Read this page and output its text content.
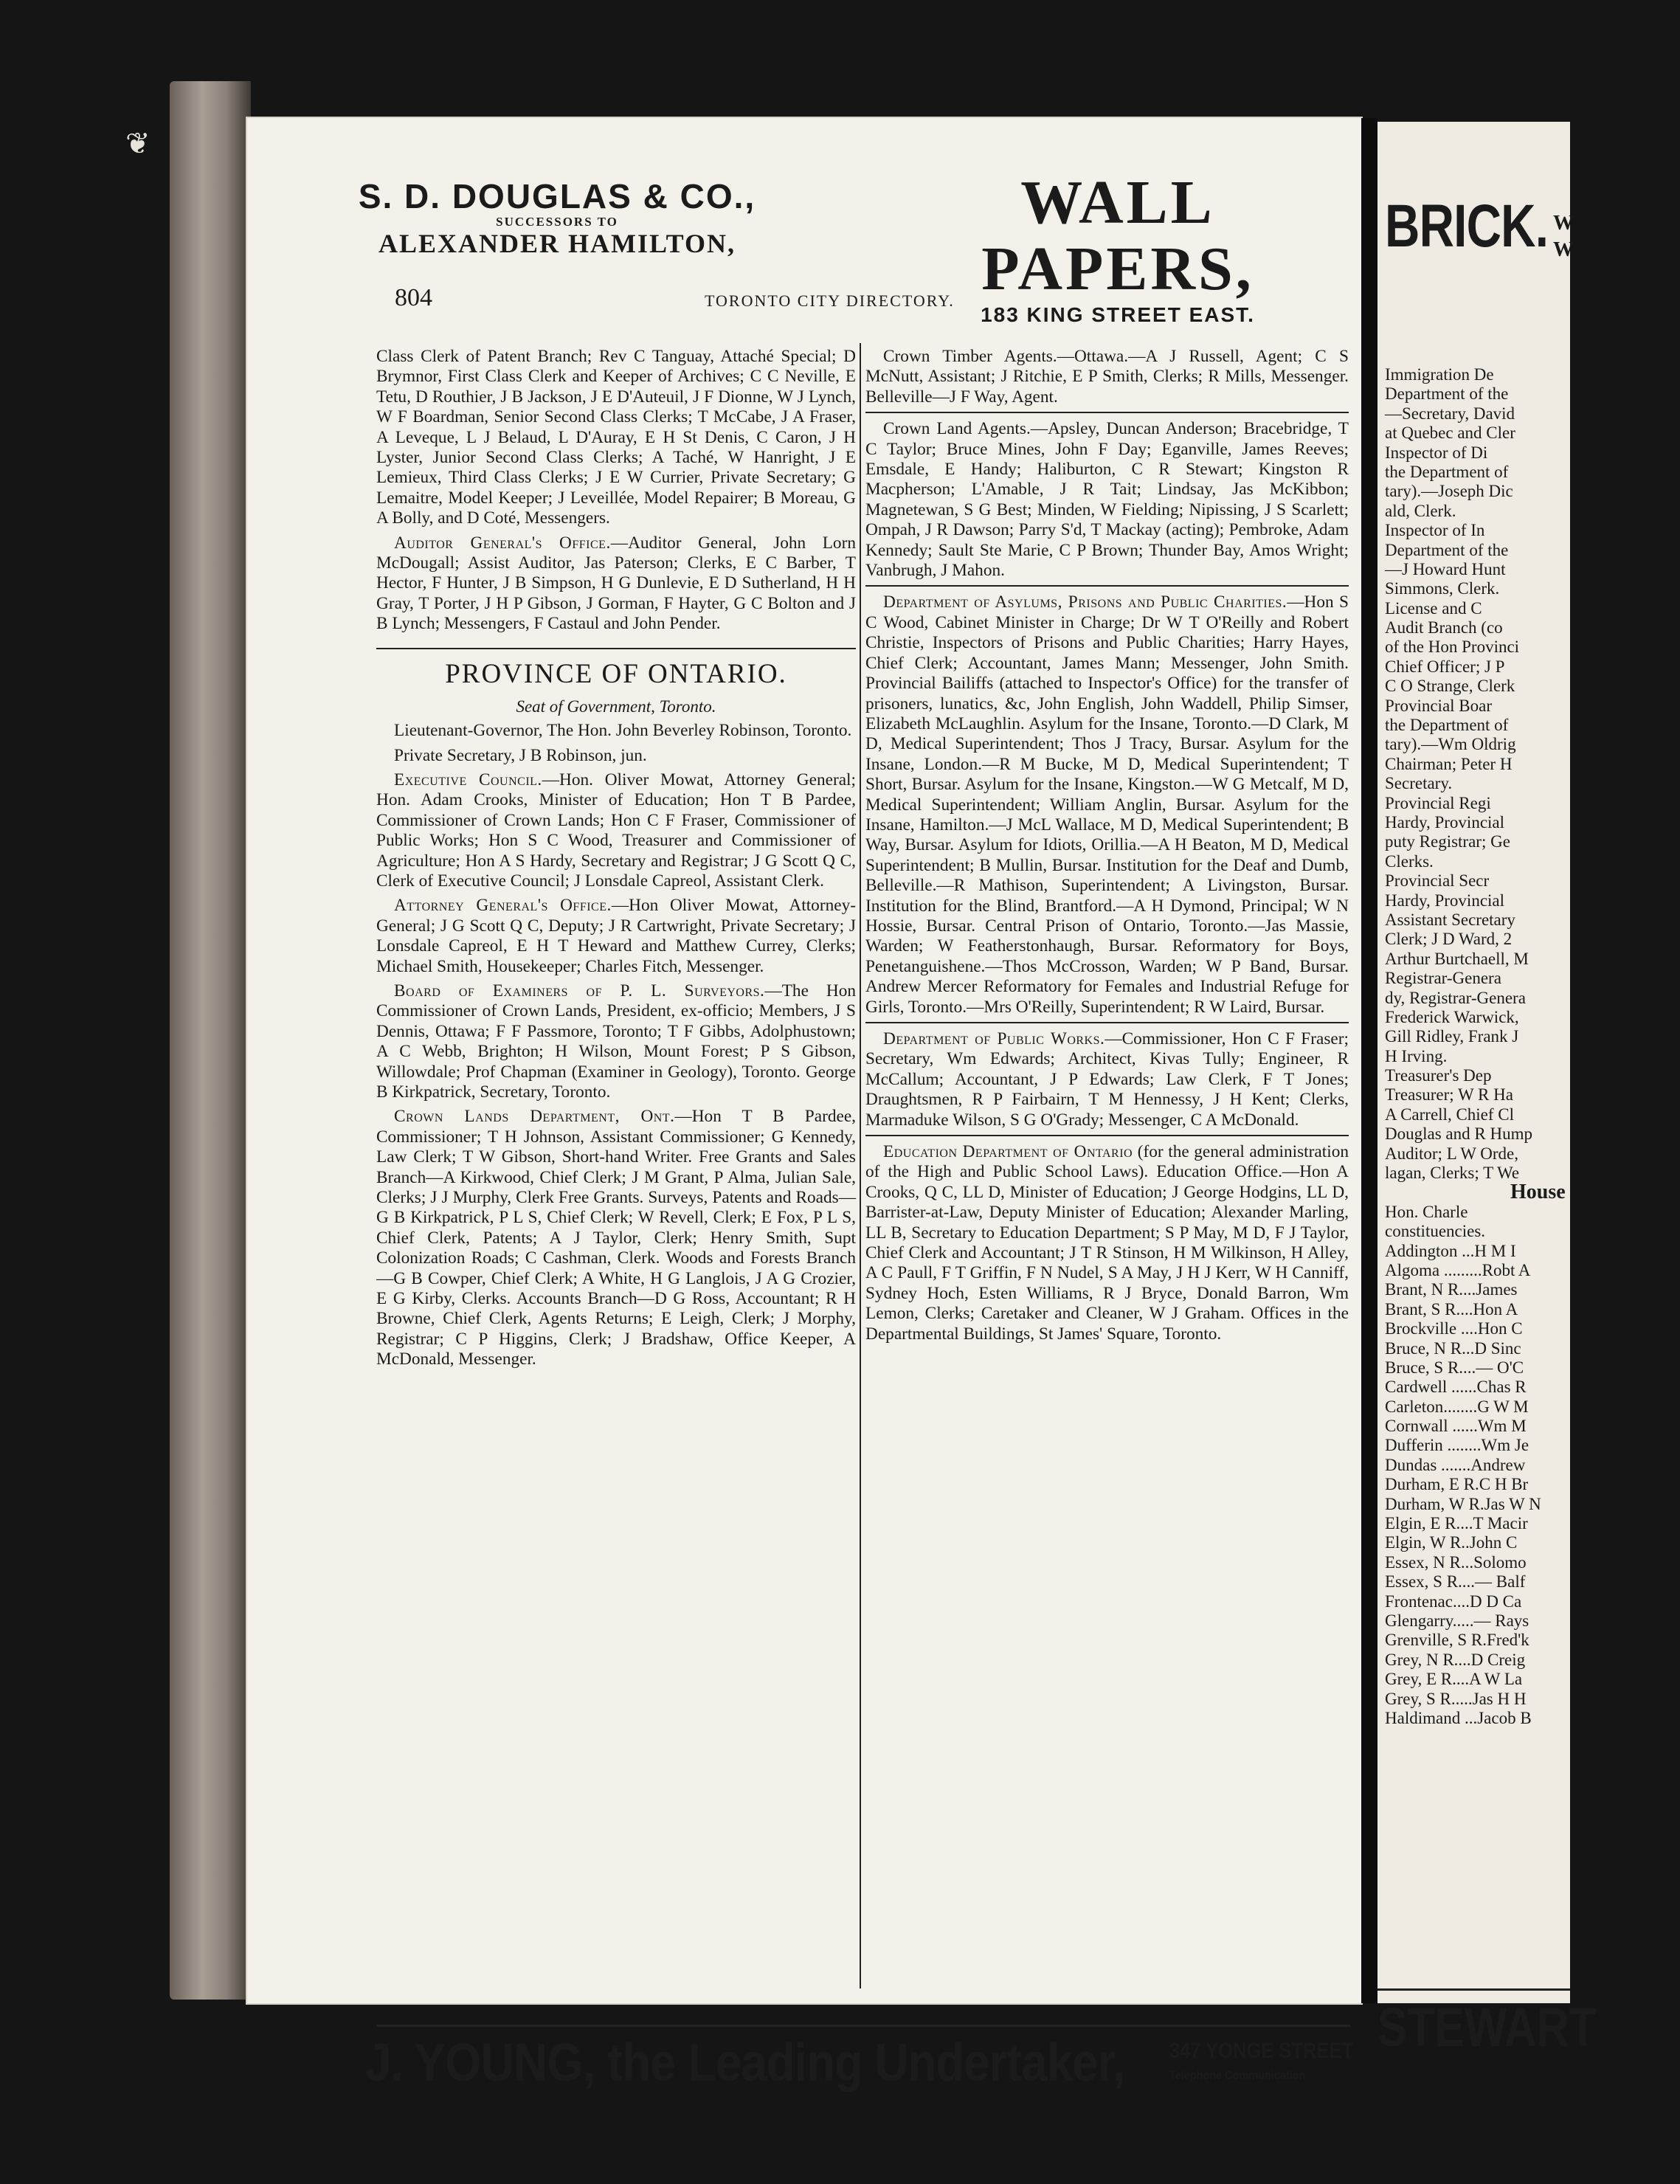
❦

S. D. DOUGLAS & CO.,

SUCCESSORS TO

ALEXANDER HAMILTON,

WALL PAPERS,

183 KING STREET EAST.

804	TORONTO CITY DIRECTORY.

Class Clerk of Patent Branch; Rev C Tanguay, Attaché Special; D Brymnor, First Class Clerk and Keeper of Archives; C C Neville, E Tetu, D Routhier, J B Jackson, J E D'Auteuil, J F Dionne, W J Lynch, W F Boardman, Senior Second Class Clerks; T McCabe, J A Fraser, A Leveque, L J Belaud, L D'Auray, E H St Denis, C Caron, J H Lyster, Junior Second Class Clerks; A Taché, W Hanright, J E Lemieux, Third Class Clerks; J E W Currier, Private Secretary; G Lemaitre, Model Keeper; J Leveillée, Model Repairer; B Moreau, G A Bolly, and D Coté, Messengers.

Auditor General's Office.—Auditor General, John Lorn McDougall; Assist Auditor, Jas Paterson; Clerks, E C Barber, T Hector, F Hunter, J B Simpson, H G Dunlevie, E D Sutherland, H H Gray, T Porter, J H P Gibson, J Gorman, F Hayter, G C Bolton and J B Lynch; Messengers, F Castaul and John Pender.

PROVINCE OF ONTARIO.

Seat of Government, Toronto.

Lieutenant-Governor, The Hon. John Beverley Robinson, Toronto.

Private Secretary, J B Robinson, jun.

Executive Council.—Hon. Oliver Mowat, Attorney General; Hon. Adam Crooks, Minister of Education; Hon T B Pardee, Commissioner of Crown Lands; Hon C F Fraser, Commissioner of Public Works; Hon S C Wood, Treasurer and Commissioner of Agriculture; Hon A S Hardy, Secretary and Registrar; J G Scott Q C, Clerk of Executive Council; J Lonsdale Capreol, Assistant Clerk.

Attorney General's Office.—Hon Oliver Mowat, Attorney-General; J G Scott Q C, Deputy; J R Cartwright, Private Secretary; J Lonsdale Capreol, E H T Heward and Matthew Currey, Clerks; Michael Smith, Housekeeper; Charles Fitch, Messenger.

Board of Examiners of P. L. Surveyors.—The Hon Commissioner of Crown Lands, President, ex-officio; Members, J S Dennis, Ottawa; F F Passmore, Toronto; T F Gibbs, Adolphustown; A C Webb, Brighton; H Wilson, Mount Forest; P S Gibson, Willowdale; Prof Chapman (Examiner in Geology), Toronto. George B Kirkpatrick, Secretary, Toronto.

Crown Lands Department, Ont.—Hon T B Pardee, Commissioner; T H Johnson, Assistant Commissioner; G Kennedy, Law Clerk; T W Gibson, Short-hand Writer. Free Grants and Sales Branch—A Kirkwood, Chief Clerk; J M Grant, P Alma, Julian Sale, Clerks; J J Murphy, Clerk Free Grants. Surveys, Patents and Roads—G B Kirkpatrick, P L S, Chief Clerk; W Revell, Clerk; E Fox, P L S, Chief Clerk, Patents; A J Taylor, Clerk; Henry Smith, Supt Colonization Roads; C Cashman, Clerk. Woods and Forests Branch—G B Cowper, Chief Clerk; A White, H G Langlois, J A G Crozier, E G Kirby, Clerks. Accounts Branch—D G Ross, Accountant; R H Browne, Chief Clerk, Agents Returns; E Leigh, Clerk; J Morphy, Registrar; C P Higgins, Clerk; J Bradshaw, Office Keeper, A McDonald, Messenger.

Crown Timber Agents.—Ottawa.—A J Russell, Agent; C S McNutt, Assistant; J Ritchie, E P Smith, Clerks; R Mills, Messenger. Belleville—J F Way, Agent.

Crown Land Agents.—Apsley, Duncan Anderson; Bracebridge, T C Taylor; Bruce Mines, John F Day; Eganville, James Reeves; Emsdale, E Handy; Haliburton, C R Stewart; Kingston R Macpherson; L'Amable, J R Tait; Lindsay, Jas McKibbon; Magnetewan, S G Best; Minden, W Fielding; Nipissing, J S Scarlett; Ompah, J R Dawson; Parry S'd, T Mackay (acting); Pembroke, Adam Kennedy; Sault Ste Marie, C P Brown; Thunder Bay, Amos Wright; Vanbrugh, J Mahon.

Department of Asylums, Prisons and Public Charities.—Hon S C Wood, Cabinet Minister in Charge; Dr W T O'Reilly and Robert Christie, Inspectors of Prisons and Public Charities; Harry Hayes, Chief Clerk; Accountant, James Mann; Messenger, John Smith. Provincial Bailiffs (attached to Inspector's Office) for the transfer of prisoners, lunatics, &c, John English, John Waddell, Philip Simser, Elizabeth McLaughlin. Asylum for the Insane, Toronto.—D Clark, M D, Medical Superintendent; Thos J Tracy, Bursar. Asylum for the Insane, London.—R M Bucke, M D, Medical Superintendent; T Short, Bursar. Asylum for the Insane, Kingston.—W G Metcalf, M D, Medical Superintendent; William Anglin, Bursar. Asylum for the Insane, Hamilton.—J McL Wallace, M D, Medical Superintendent; B Way, Bursar. Asylum for Idiots, Orillia.—A H Beaton, M D, Medical Superintendent; B Mullin, Bursar. Institution for the Deaf and Dumb, Belleville.—R Mathison, Superintendent; A Livingston, Bursar. Institution for the Blind, Brantford.—A H Dymond, Principal; W N Hossie, Bursar. Central Prison of Ontario, Toronto.—Jas Massie, Warden; W Featherstonhaugh, Bursar. Reformatory for Boys, Penetanguishene.—Thos McCrosson, Warden; W P Band, Bursar. Andrew Mercer Reformatory for Females and Industrial Refuge for Girls, Toronto.—Mrs O'Reilly, Superintendent; R W Laird, Bursar.

Department of Public Works.—Commissioner, Hon C F Fraser; Secretary, Wm Edwards; Architect, Kivas Tully; Engineer, R McCallum; Accountant, J P Edwards; Law Clerk, F T Jones; Draughtsmen, R P Fairbairn, T M Hennessy, J H Kent; Clerks, Marmaduke Wilson, S G O'Grady; Messenger, C A McDonald.

Education Department of Ontario (for the general administration of the High and Public School Laws). Education Office.—Hon A Crooks, Q C, LL D, Minister of Education; J George Hodgins, LL D, Barrister-at-Law, Deputy Minister of Education; Alexander Marling, LL B, Secretary to Education Department; S P May, M D, F J Taylor, Chief Clerk and Accountant; J T R Stinson, H M Wilkinson, H Alley, A C Paull, F T Griffin, F N Nudel, S A May, J H J Kerr, W H Canniff, Sydney Hoch, Esten Williams, R J Bryce, Donald Barron, Wm Lemon, Clerks; Caretaker and Cleaner, W J Graham. Offices in the Departmental Buildings, St James' Square, Toronto.

J. YOUNG, the Leading Undertaker, 347 YONGE STREET
Telephone Communication
BRICK. W
W
Immigration De
Department of the
—Secretary, David
at Quebec and Cler
Inspector of Di
the Department of
tary).—Joseph Dic
ald, Clerk.
Inspector of In
Department of the
—J Howard Hunt
Simmons, Clerk.
License and C
Audit Branch (co
of the Hon Provinci
Chief Officer; J P
C O Strange, Clerk
Provincial Boar
the Department of
tary).—Wm Oldrig
Chairman; Peter H
Secretary.
Provincial Regi
Hardy, Provincial
puty Registrar; Ge
Clerks.
Provincial Secr
Hardy, Provincial
Assistant Secretary
Clerk; J D Ward, 2
Arthur Burtchaell, M
Registrar-Genera
dy, Registrar-Genera
Frederick Warwick,
Gill Ridley, Frank J
H Irving.
Treasurer's Dep
Treasurer; W R Ha
A Carrell, Chief Cl
Douglas and R Hump
Auditor; L W Orde,
lagan, Clerks; T We
House
Hon. Charle
constituencies.
Addington ...H M I
Algoma .........Robt A
Brant, N R....James
Brant, S R....Hon A
Brockville ....Hon C
Bruce, N R...D Sinc
Bruce, S R....— O'C
Cardwell ......Chas R
Carleton........G W M
Cornwall ......Wm M
Dufferin ........Wm Je
Dundas .......Andrew
Durham, E R.C H Br
Durham, W R.Jas W N
Elgin, E R....T Macir
Elgin, W R..John C
Essex, N R...Solomo
Essex, S R....— Balf
Frontenac....D D Ca
Glengarry.....— Rays
Grenville, S R.Fred'k
Grey, N R....D Creig
Grey, E R....A W La
Grey, S R.....Jas H H
Haldimand ...Jacob B
STEWART
